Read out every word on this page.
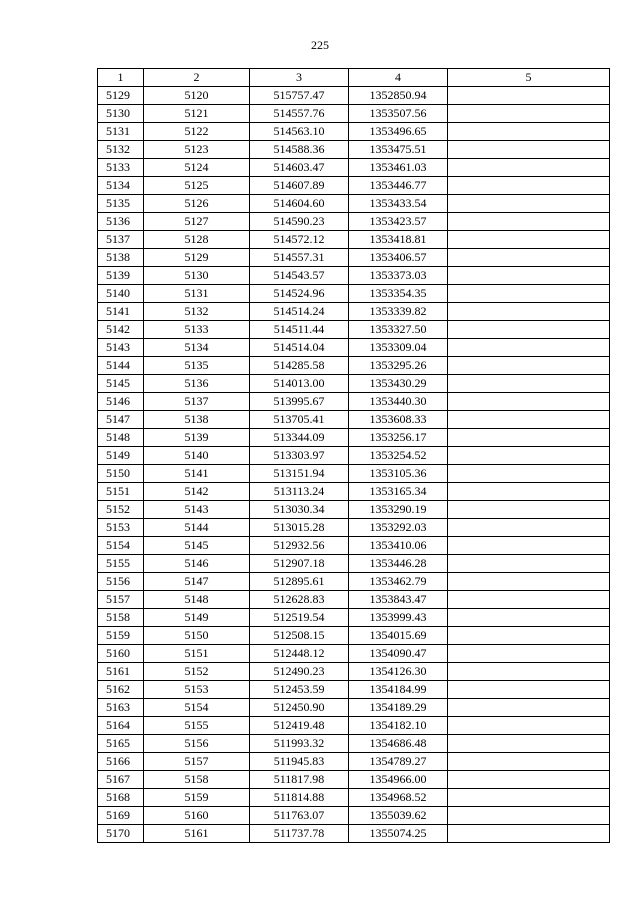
225
1	2	3	4	5
5129	5120	515757.47	1352850.94	
5130	5121	514557.76	1353507.56	
5131	5122	514563.10	1353496.65	
5132	5123	514588.36	1353475.51	
5133	5124	514603.47	1353461.03	
5134	5125	514607.89	1353446.77	
5135	5126	514604.60	1353433.54	
5136	5127	514590.23	1353423.57	
5137	5128	514572.12	1353418.81	
5138	5129	514557.31	1353406.57	
5139	5130	514543.57	1353373.03	
5140	5131	514524.96	1353354.35	
5141	5132	514514.24	1353339.82	
5142	5133	514511.44	1353327.50	
5143	5134	514514.04	1353309.04	
5144	5135	514285.58	1353295.26	
5145	5136	514013.00	1353430.29	
5146	5137	513995.67	1353440.30	
5147	5138	513705.41	1353608.33	
5148	5139	513344.09	1353256.17	
5149	5140	513303.97	1353254.52	
5150	5141	513151.94	1353105.36	
5151	5142	513113.24	1353165.34	
5152	5143	513030.34	1353290.19	
5153	5144	513015.28	1353292.03	
5154	5145	512932.56	1353410.06	
5155	5146	512907.18	1353446.28	
5156	5147	512895.61	1353462.79	
5157	5148	512628.83	1353843.47	
5158	5149	512519.54	1353999.43	
5159	5150	512508.15	1354015.69	
5160	5151	512448.12	1354090.47	
5161	5152	512490.23	1354126.30	
5162	5153	512453.59	1354184.99	
5163	5154	512450.90	1354189.29	
5164	5155	512419.48	1354182.10	
5165	5156	511993.32	1354686.48	
5166	5157	511945.83	1354789.27	
5167	5158	511817.98	1354966.00	
5168	5159	511814.88	1354968.52	
5169	5160	511763.07	1355039.62	
5170	5161	511737.78	1355074.25	
